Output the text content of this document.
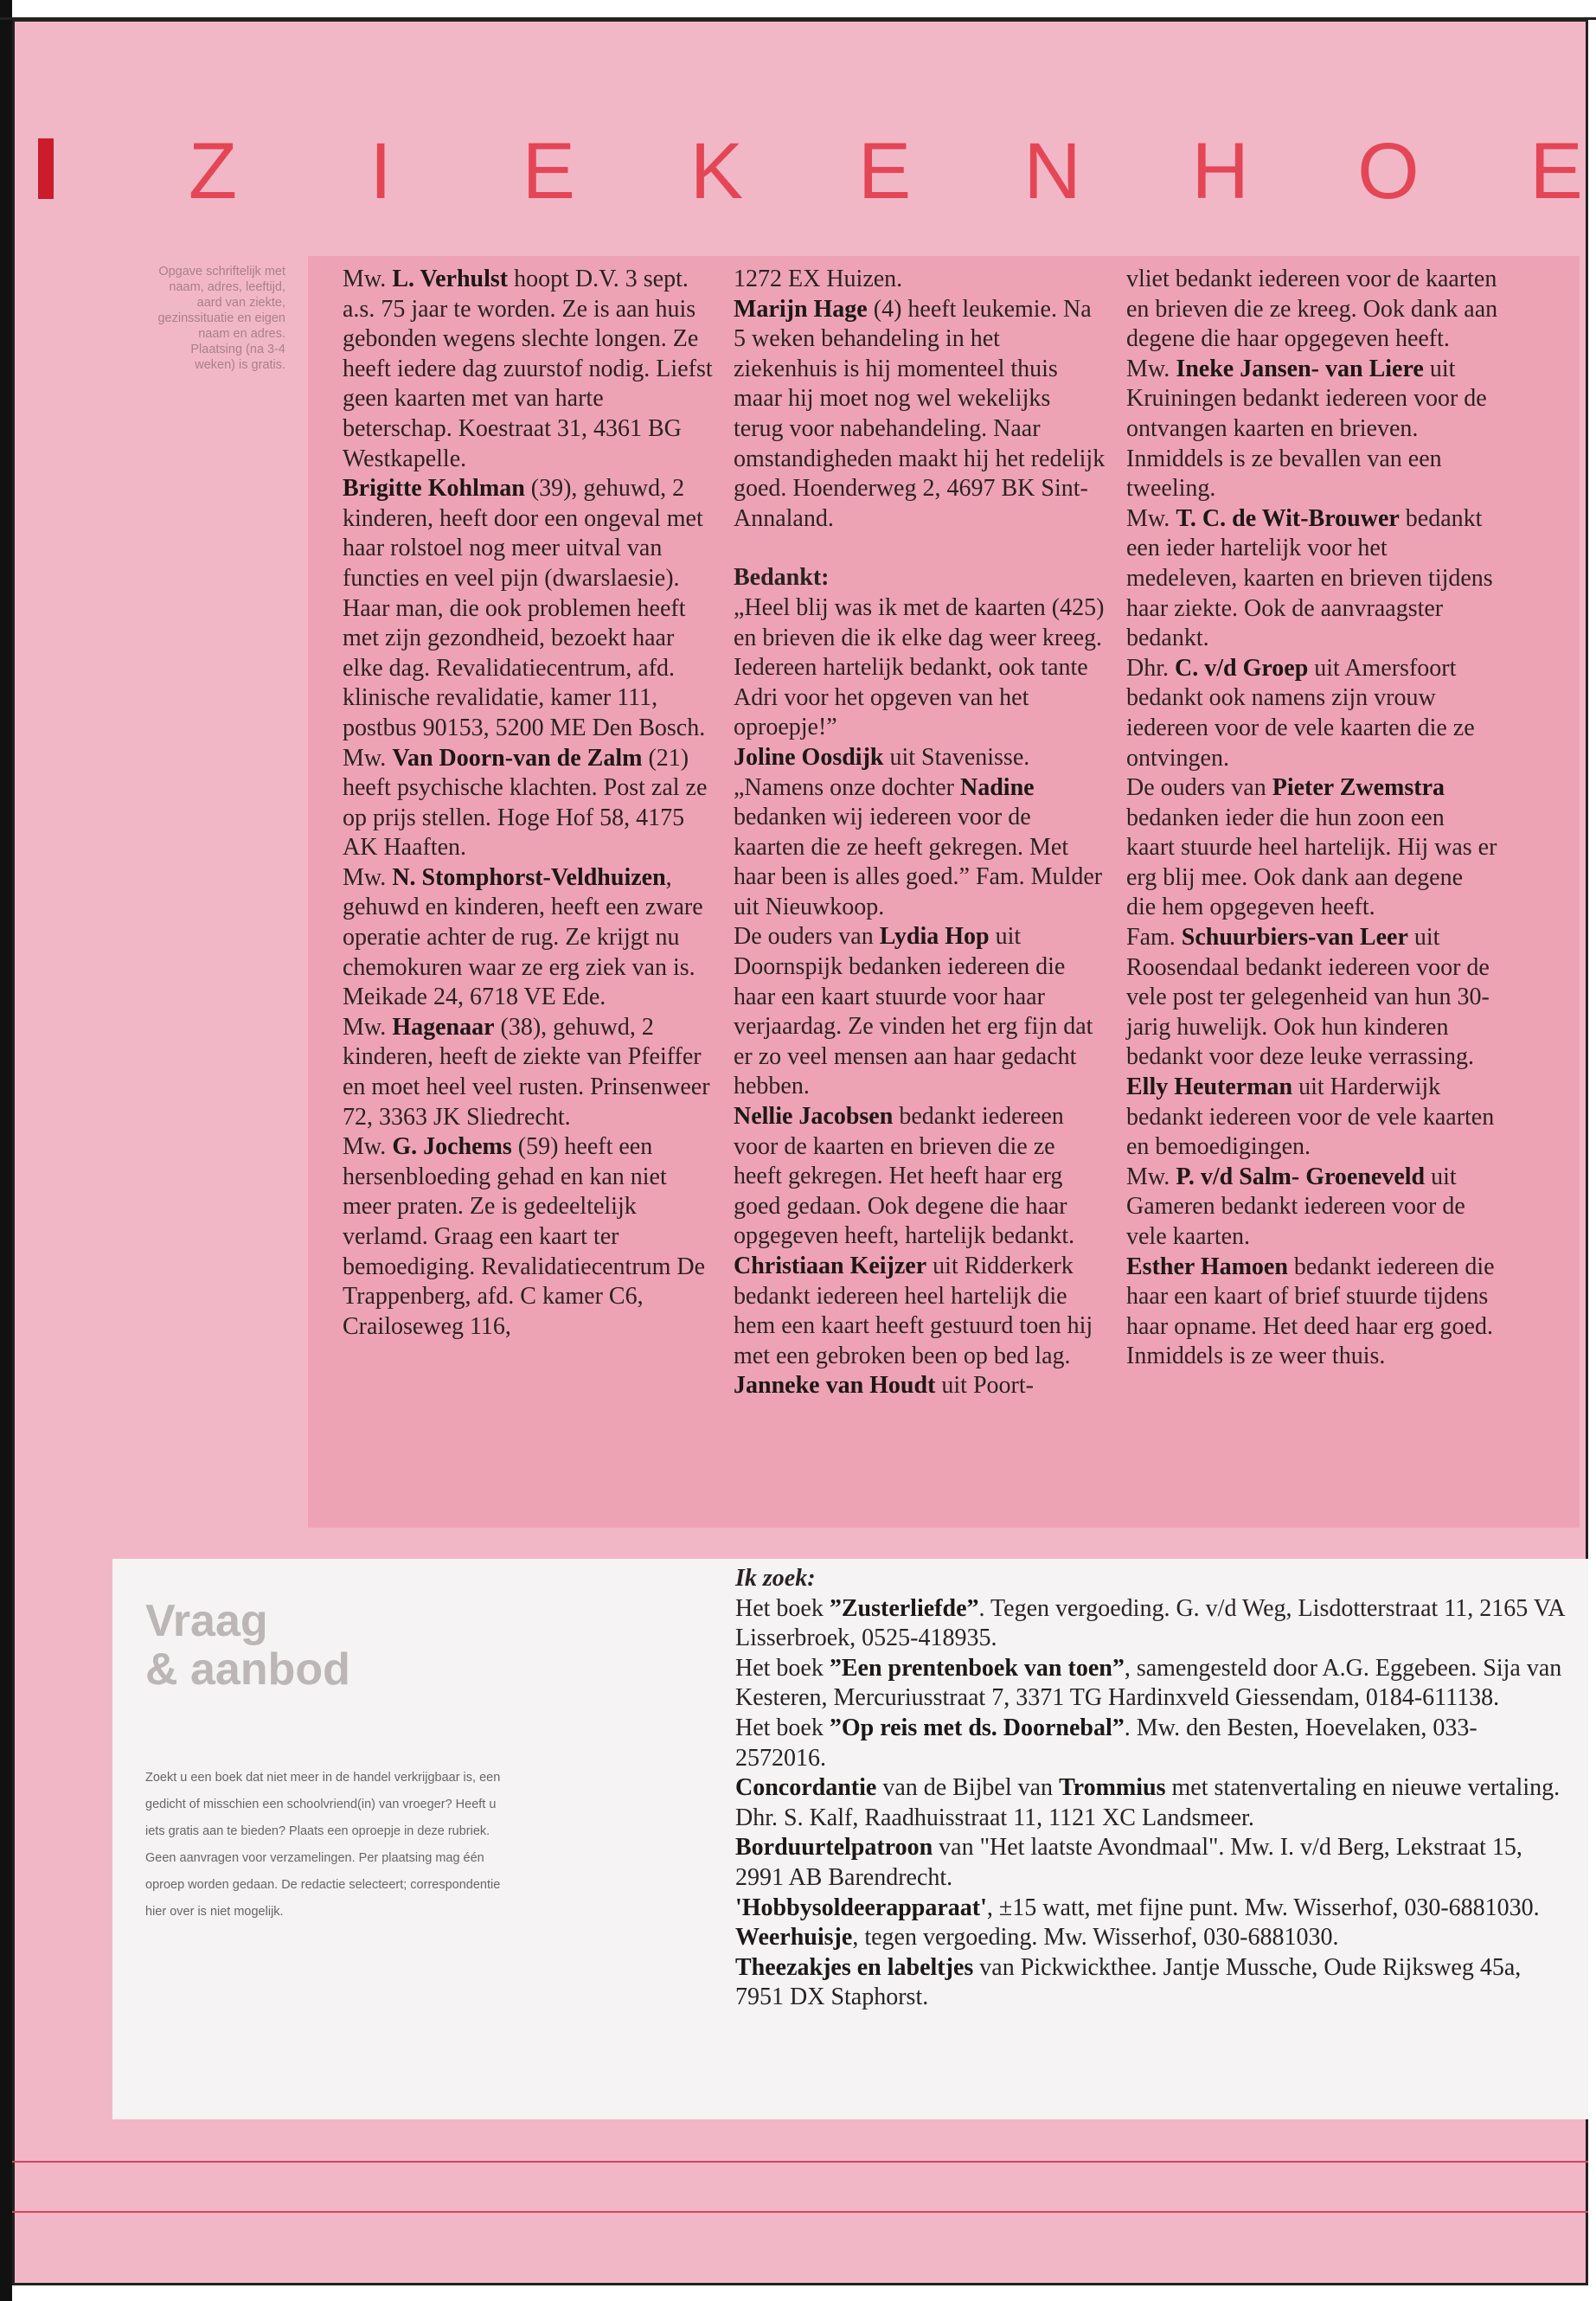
Z	I	E K E N H O E
Opgave schriftelijk met naam, adres, leeftijd, aard van ziekte, gezinssituatie en eigen naam en adres. Plaatsing (na 3-4 weken) is gratis.

Mw. L. Verhulst hoopt D.V. 3 sept. a.s. 75 jaar te worden. Ze is aan huis gebonden wegens slechte longen. Ze heeft iedere dag zuurstof nodig. Liefst geen kaarten met van harte beterschap. Koestraat 31, 4361 BG Westkapelle.

Brigitte Kohlman (39), gehuwd, 2 kinderen, heeft door een ongeval met haar rolstoel nog meer uitval van functies en veel pijn (dwarslaesie). Haar man, die ook problemen heeft met zijn gezondheid, bezoekt haar elke dag. Revalidatiecentrum, afd. klinische revalidatie, kamer 111, postbus 90153, 5200 ME Den Bosch.

Mw. Van Doorn-van de Zalm (21) heeft psychische klachten. Post zal ze op prijs stellen. Hoge Hof 58, 4175 AK Haaften.

Mw. N. Stomphorst-Veldhuizen, gehuwd en kinderen, heeft een zware operatie achter de rug. Ze krijgt nu chemokuren waar ze erg ziek van is. Meikade 24, 6718 VE Ede.

Mw. Hagenaar (38), gehuwd, 2 kinderen, heeft de ziekte van Pfeiffer en moet heel veel rusten. Prinsenweer 72, 3363 JK Sliedrecht.

Mw. G. Jochems (59) heeft een hersenbloeding gehad en kan niet meer praten. Ze is gedeeltelijk verlamd. Graag een kaart ter bemoediging. Revalidatiecentrum De Trappenberg, afd. C kamer C6, Crailoseweg 116,

1272 EX Huizen.

Marijn Hage (4) heeft leukemie. Na 5 weken behandeling in het ziekenhuis is hij momenteel thuis maar hij moet nog wel wekelijks terug voor nabehandeling. Naar omstandigheden maakt hij het redelijk goed. Hoenderweg 2, 4697 BK Sint-Annaland.

Bedankt:

„Heel blij was ik met de kaarten (425) en brieven die ik elke dag weer kreeg. Iedereen hartelijk bedankt, ook tante Adri voor het opgeven van het oproepje!”

Joline Oosdijk uit Stavenisse.

„Namens onze dochter Nadine bedanken wij iedereen voor de kaarten die ze heeft gekregen. Met haar been is alles goed.” Fam. Mulder uit Nieuwkoop.

De ouders van Lydia Hop uit Doornspijk bedanken iedereen die haar een kaart stuurde voor haar verjaardag. Ze vinden het erg fijn dat er zo veel mensen aan haar gedacht hebben.

Nellie Jacobsen bedankt iedereen voor de kaarten en brieven die ze heeft gekregen. Het heeft haar erg goed gedaan. Ook degene die haar opgegeven heeft, hartelijk bedankt.

Christiaan Keijzer uit Ridderkerk bedankt iedereen heel hartelijk die hem een kaart heeft gestuurd toen hij met een gebroken been op bed lag.

Janneke van Houdt uit Poort-

vliet bedankt iedereen voor de kaarten en brieven die ze kreeg. Ook dank aan degene die haar opgegeven heeft.

Mw. Ineke Jansen- van Liere uit Kruiningen bedankt iedereen voor de ontvangen kaarten en brieven. Inmiddels is ze bevallen van een tweeling.

Mw. T. C. de Wit-Brouwer bedankt een ieder hartelijk voor het medeleven, kaarten en brieven tijdens haar ziekte. Ook de aanvraagster bedankt.

Dhr. C. v/d Groep uit Amersfoort bedankt ook namens zijn vrouw iedereen voor de vele kaarten die ze ontvingen.

De ouders van Pieter Zwemstra bedanken ieder die hun zoon een kaart stuurde heel hartelijk. Hij was er erg blij mee. Ook dank aan degene die hem opgegeven heeft.

Fam. Schuurbiers-van Leer uit Roosendaal bedankt iedereen voor de vele post ter gelegenheid van hun 30-jarig huwelijk. Ook hun kinderen bedankt voor deze leuke verrassing.

Elly Heuterman uit Harderwijk bedankt iedereen voor de vele kaarten en bemoedigingen.

Mw. P. v/d Salm- Groeneveld uit Gameren bedankt iedereen voor de vele kaarten.

Esther Hamoen bedankt iedereen die haar een kaart of brief stuurde tijdens haar opname. Het deed haar erg goed. Inmiddels is ze weer thuis.

Vraag
& aanbod
Zoekt u een boek dat niet meer in de handel verkrijgbaar is, een gedicht of misschien een schoolvriend(in) van vroeger? Heeft u iets gratis aan te bieden? Plaats een oproepje in deze rubriek. Geen aanvragen voor verzamelingen. Per plaatsing mag één oproep worden gedaan. De redactie selecteert; correspondentie hier over is niet mogelijk.

Ik zoek:

Het boek ”Zusterliefde”. Tegen vergoeding. G. v/d Weg, Lisdotterstraat 11, 2165 VA Lisserbroek, 0525-418935.

Het boek ”Een prentenboek van toen”, samengesteld door A.G. Eggebeen. Sija van Kesteren, Mercuriusstraat 7, 3371 TG Hardinxveld Giessendam, 0184-611138.

Het boek ”Op reis met ds. Doornebal”. Mw. den Besten, Hoevelaken, 033-2572016.

Concordantie van de Bijbel van Trommius met statenvertaling en nieuwe vertaling. Dhr. S. Kalf, Raadhuisstraat 11, 1121 XC Landsmeer.

Borduurtelpatroon van "Het laatste Avondmaal". Mw. I. v/d Berg, Lekstraat 15, 2991 AB Barendrecht.

'Hobbysoldeerapparaat', ±15 watt, met fijne punt. Mw. Wisserhof, 030-6881030.

Weerhuisje, tegen vergoeding. Mw. Wisserhof, 030-6881030.

Theezakjes en labeltjes van Pickwickthee. Jantje Mussche, Oude Rijksweg 45a, 7951 DX Staphorst.
